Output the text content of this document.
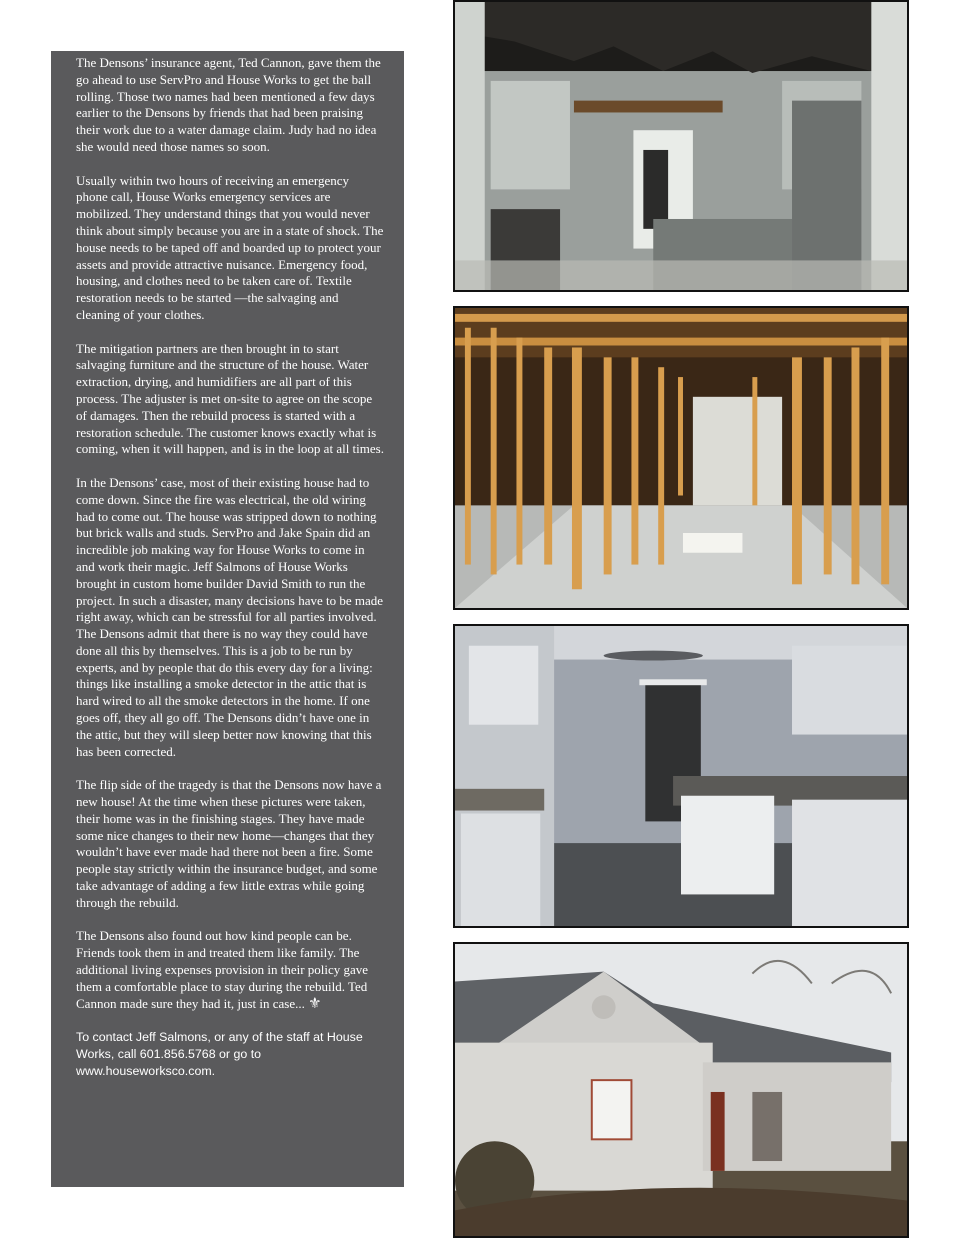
The Densons’ insurance agent, Ted Cannon, gave them the go ahead to use ServPro and House Works to get the ball rolling. Those two names had been mentioned a few days earlier to the Densons by friends that had been praising their work due to a water damage claim. Judy had no idea she would need those names so soon.

Usually within two hours of receiving an emergency phone call, House Works emergency services are mobilized. They understand things that you would never think about simply because you are in a state of shock. The house needs to be taped off and boarded up to protect your assets and provide attractive nuisance. Emergency food, housing, and clothes need to be taken care of. Textile restoration needs to be started —the salvaging and cleaning of your clothes.

The mitigation partners are then brought in to start salvaging furniture and the structure of the house. Water extraction, drying, and humidifiers are all part of this process. The adjuster is met on-site to agree on the scope of damages. Then the rebuild process is started with a restoration schedule. The customer knows exactly what is coming, when it will happen, and is in the loop at all times.

In the Densons’ case, most of their existing house had to come down. Since the fire was electrical, the old wiring had to come out. The house was stripped down to nothing but brick walls and studs. ServPro and Jake Spain did an incredible job making way for House Works to come in and work their magic. Jeff Salmons of House Works brought in custom home builder David Smith to run the project. In such a disaster, many decisions have to be made right away, which can be stressful for all parties involved. The Densons admit that there is no way they could have done all this by themselves. This is a job to be run by experts, and by people that do this every day for a living: things like installing a smoke detector in the attic that is hard wired to all the smoke detectors in the home. If one goes off, they all go off. The Densons didn’t have one in the attic, but they will sleep better now knowing that this has been corrected.

The flip side of the tragedy is that the Densons now have a new house! At the time when these pictures were taken, their home was in the finishing stages. They have made some nice changes to their new home—changes that they wouldn’t have ever made had there not been a fire. Some people stay strictly within the insurance budget, and some take advantage of adding a few little extras while going through the rebuild.

The Densons also found out how kind people can be. Friends took them in and treated them like family. The additional living expenses provision in their policy gave them a comfortable place to stay during the rebuild. Ted Cannon made sure they had it, just in case... ⚜

To contact Jeff Salmons, or any of the staff at House Works, call 601.856.5768 or go to www.houseworksco.com.
